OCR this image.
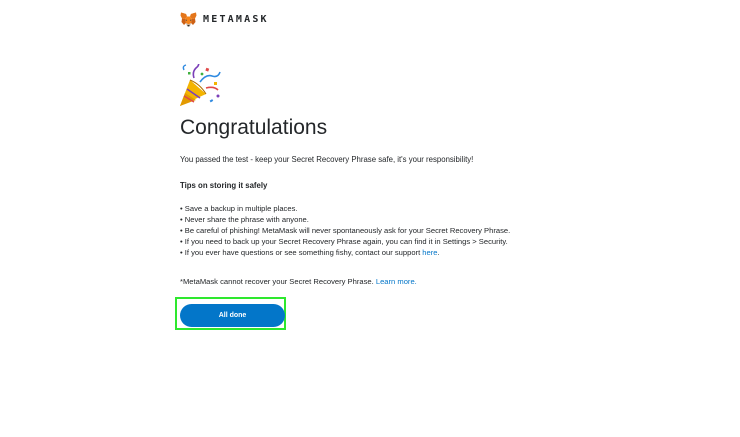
METAMASK
Congratulations
You passed the test - keep your Secret Recovery Phrase safe, it's your responsibility!
Tips on storing it safely
• Save a backup in multiple places.
• Never share the phrase with anyone.
• Be careful of phishing! MetaMask will never spontaneously ask for your Secret Recovery Phrase.
• If you need to back up your Secret Recovery Phrase again, you can find it in Settings > Security.
• If you ever have questions or see something fishy, contact our support here.
*MetaMask cannot recover your Secret Recovery Phrase. Learn more.
All done
